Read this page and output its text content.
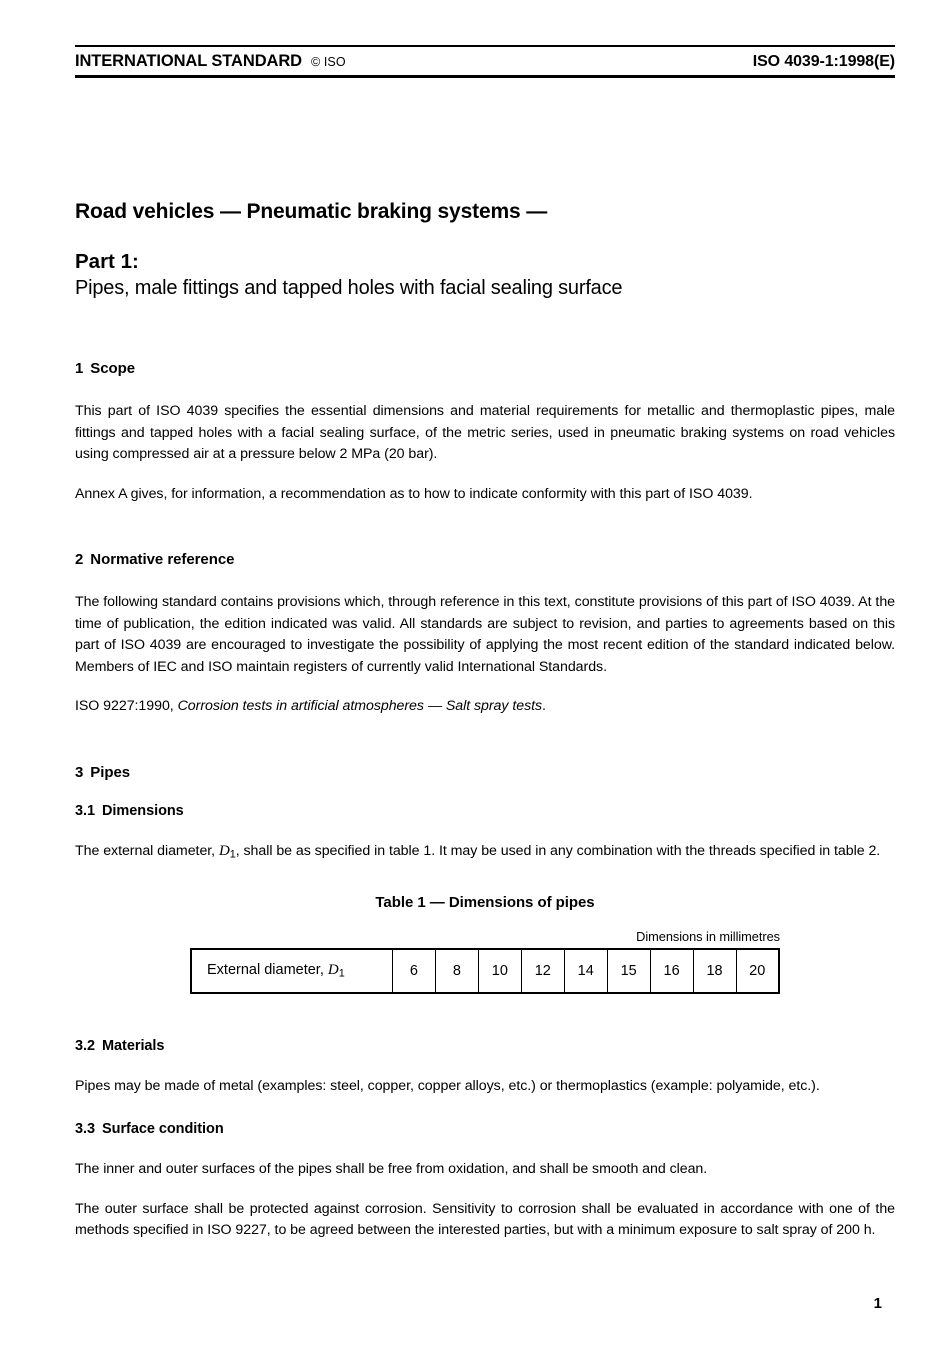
INTERNATIONAL STANDARD © ISO	ISO 4039-1:1998(E)
Road vehicles — Pneumatic braking systems —
Part 1:
Pipes, male fittings and tapped holes with facial sealing surface
1 Scope

This part of ISO 4039 specifies the essential dimensions and material requirements for metallic and thermoplastic pipes, male fittings and tapped holes with a facial sealing surface, of the metric series, used in pneumatic braking systems on road vehicles using compressed air at a pressure below 2 MPa (20 bar).

Annex A gives, for information, a recommendation as to how to indicate conformity with this part of ISO 4039.

2 Normative reference

The following standard contains provisions which, through reference in this text, constitute provisions of this part of ISO 4039. At the time of publication, the edition indicated was valid. All standards are subject to revision, and parties to agreements based on this part of ISO 4039 are encouraged to investigate the possibility of applying the most recent edition of the standard indicated below. Members of IEC and ISO maintain registers of currently valid International Standards.

ISO 9227:1990, Corrosion tests in artificial atmospheres — Salt spray tests.

3 Pipes
3.1 Dimensions

The external diameter, $D_1$, shall be as specified in table 1. It may be used in any combination with the threads specified in table 2.

Table 1 — Dimensions of pipes
Dimensions in millimetres
External diameter, $D_1$	6	8	10	12	14	15	16	18	20
3.2 Materials

Pipes may be made of metal (examples: steel, copper, copper alloys, etc.) or thermoplastics (example: polyamide, etc.).

3.3 Surface condition

The inner and outer surfaces of the pipes shall be free from oxidation, and shall be smooth and clean.

The outer surface shall be protected against corrosion. Sensitivity to corrosion shall be evaluated in accordance with one of the methods specified in ISO 9227, to be agreed between the interested parties, but with a minimum exposure to salt spray of 200 h.

1
